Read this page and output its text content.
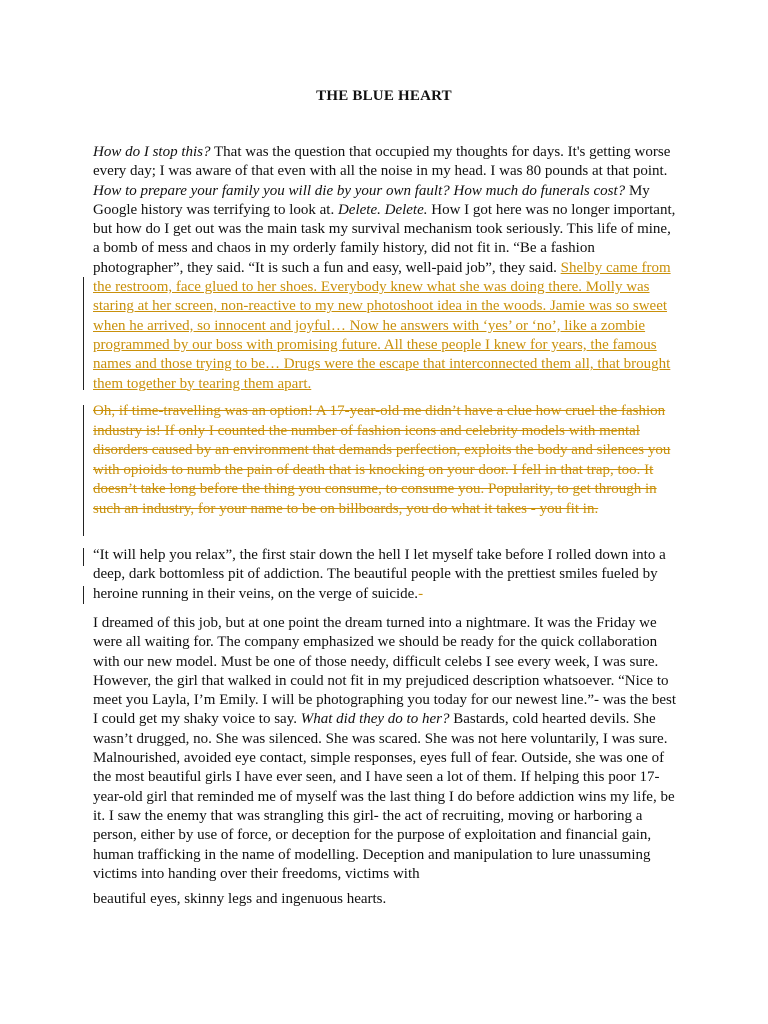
THE BLUE HEART

How do I stop this? That was the question that occupied my thoughts for days. It's getting worse every day; I was aware of that even with all the noise in my head. I was 80 pounds at that point. How to prepare your family you will die by your own fault? How much do funerals cost? My Google history was terrifying to look at. Delete. Delete. How I got here was no longer important, but how do I get out was the main task my survival mechanism took seriously. This life of mine, a bomb of mess and chaos in my orderly family history, did not fit in. “Be a fashion photographer”, they said. “It is such a fun and easy, well-paid job”, they said. Shelby came from the restroom, face glued to her shoes. Everybody knew what she was doing there. Molly was staring at her screen, non-reactive to my new photoshoot idea in the woods. Jamie was so sweet when he arrived, so innocent and joyful… Now he answers with ‘yes’ or ‘no’, like a zombie programmed by our boss with promising future. All these people I knew for years, the famous names and those trying to be… Drugs were the escape that interconnected them all, that brought them together by tearing them apart.

Oh, if time-travelling was an option! A 17-year-old me didn’t have a clue how cruel the fashion industry is! If only I counted the number of fashion icons and celebrity models with mental disorders caused by an environment that demands perfection, exploits the body and silences you with opioids to numb the pain of death that is knocking on your door. I fell in that trap, too. It doesn’t take long before the thing you consume, to consume you. Popularity, to get through in such an industry, for your name to be on billboards, you do what it takes - you fit in.

“It will help you relax”, the first stair down the hell I let myself take before I rolled down into a deep, dark bottomless pit of addiction. The beautiful people with the prettiest smiles fueled by heroine running in their veins, on the verge of suicide.-

I dreamed of this job, but at one point the dream turned into a nightmare. It was the Friday we were all waiting for. The company emphasized we should be ready for the quick collaboration with our new model. Must be one of those needy, difficult celebs I see every week, I was sure. However, the girl that walked in could not fit in my prejudiced description whatsoever. “Nice to meet you Layla, I’m Emily. I will be photographing you today for our newest line.”- was the best I could get my shaky voice to say. What did they do to her? Bastards, cold hearted devils. She wasn’t drugged, no. She was silenced. She was scared. She was not here voluntarily, I was sure. Malnourished, avoided eye contact, simple responses, eyes full of fear. Outside, she was one of the most beautiful girls I have ever seen, and I have seen a lot of them. If helping this poor 17-year-old girl that reminded me of myself was the last thing I do before addiction wins my life, be it. I saw the enemy that was strangling this girl- the act of recruiting, moving or harboring a person, either by use of force, or deception for the purpose of exploitation and financial gain, human trafficking in the name of modelling. Deception and manipulation to lure unassuming victims into handing over their freedoms, victims with beautiful eyes, skinny legs and ingenuous hearts.
